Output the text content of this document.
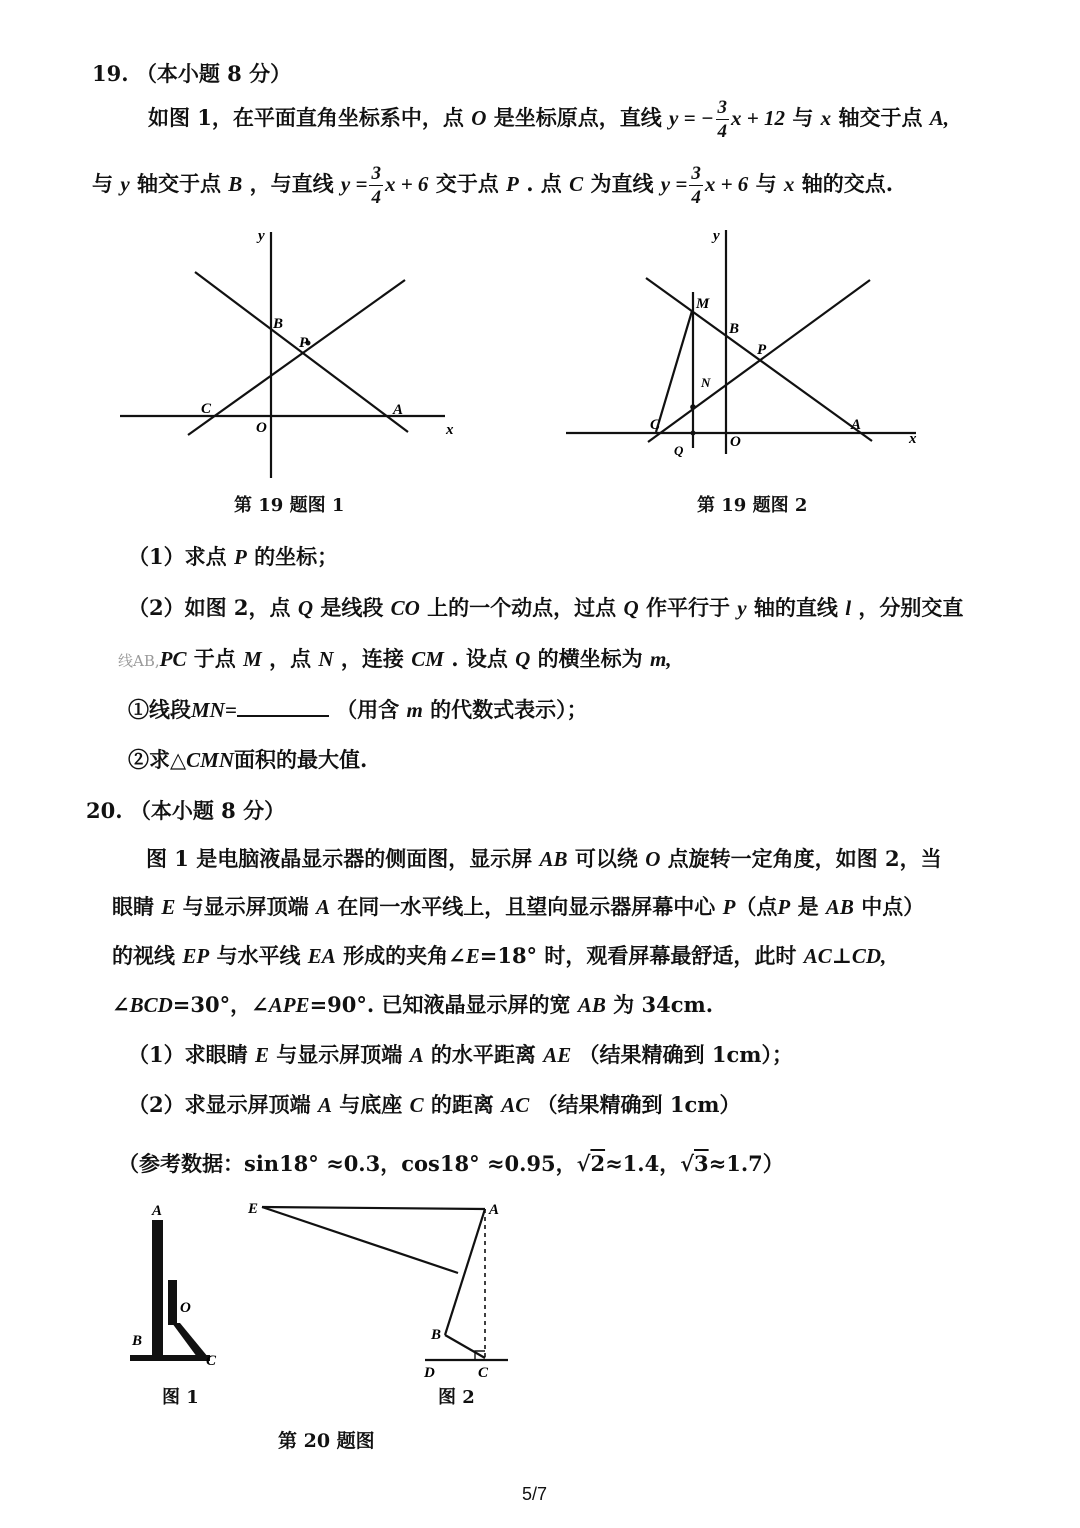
19. （本小题 8 分）
如图 1，在平面直角坐标系中，点 O 是坐标原点，直线 y = − $\frac{3}{4}$ x + 12 与 x 轴交于点 A,
与 y 轴交于点 B ，与直线 $y = \frac{3}{4}$ x + 6 交于点 P . 点 C 为直线 $y = \frac{3}{4}$ x + 6 与 x 轴的交点.
y
B
P
C
O
A
x
第 19 题图 1
y
M
B
P
N
C
O
Q
A
x
第 19 题图 2
（1）求点 P 的坐标；
（2）如图 2，点 Q 是线段 CO 上的一个动点，过点 Q 作平行于 y 轴的直线 l ，分别交直
线AB,PC 于点 M ，点 N ，连接 CM . 设点 Q 的横坐标为 m,
①线段MN=	（用含 m 的代数式表示）；
②求△CMN面积的最大值.
20. （本小题 8 分）
图 1 是电脑液晶显示器的侧面图，显示屏 AB 可以绕 O 点旋转一定角度，如图 2，当
眼睛 E 与显示屏顶端 A 在同一水平线上，且望向显示器屏幕中心 P（点P 是 AB 中点）
的视线 EP 与水平线 EA 形成的夹角∠E=18° 时，观看屏幕最舒适，此时 AC⊥CD,
∠BCD=30°，∠APE=90°. 已知液晶显示屏的宽 AB 为 34cm.
（1）求眼睛 E 与显示屏顶端 A 的水平距离 AE （结果精确到 1cm）；
（2）求显示屏顶端 A 与底座 C 的距离 AC （结果精确到 1cm）
（参考数据：sin18° ≈0.3，cos18° ≈0.95，√2≈1.4，√3≈1.7）
A
O
B
C
图 1
E	A
B
D	C
图 2
第 20 题图
5/7
